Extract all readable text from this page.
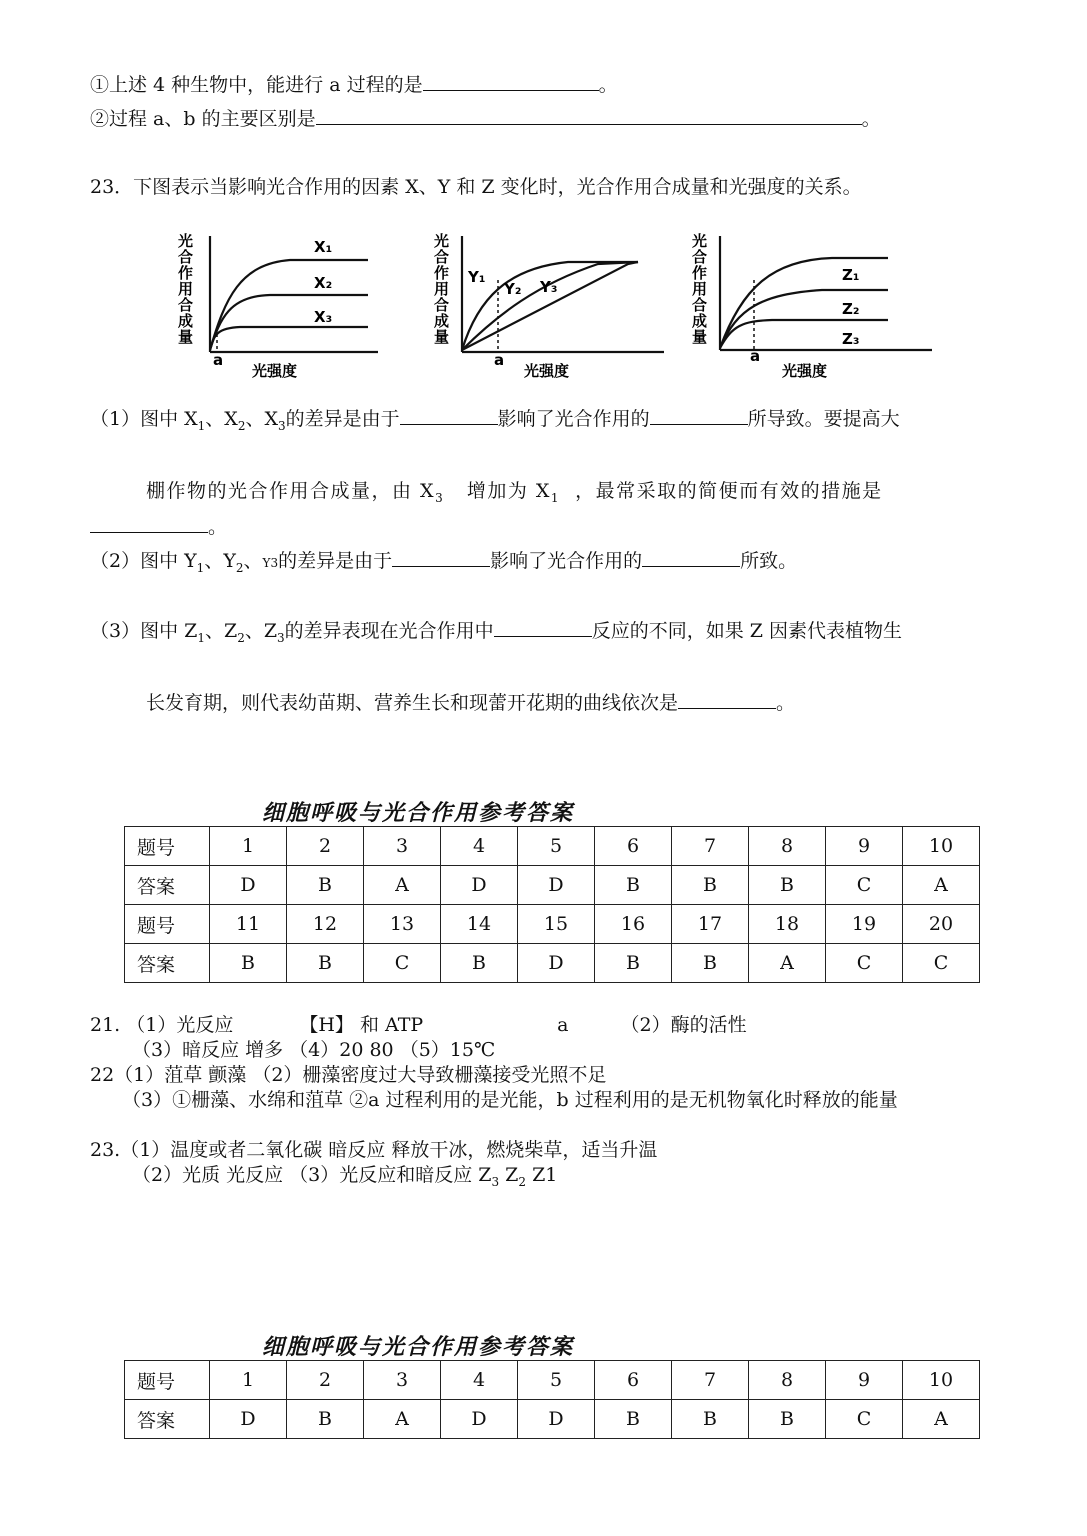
①上述 4 种生物中，能进行 a 过程的是	。
②过程 a、b 的主要区别是	。
23．下图表示当影响光合作用的因素 X、Y 和 Z 变化时，光合作用合成量和光强度的关系。
光合作用合成量
a
X₁
X₂
X₃
光强度
光合作用合成量
a
Y₁
Y₂ Y₃
光强度
光合作用合成量
a
Z₁
Z₂
Z₃
光强度
（1）图中 $X_1$、$X_2$、$X_3$的差异是由于	影响了光合作用的	所导致。要提高大
棚作物的光合作用合成量，由 $X_3$ 增加为 $X_1$ ，最常采取的简便而有效的措施是
。
（2）图中 $Y_1$、$Y_2$、Y3的差异是由于	影响了光合作用的	所致。
（3）图中 $Z_1$、$Z_2$、$Z_3$的差异表现在光合作用中	反应的不同，如果 Z 因素代表植物生
长发育期，则代表幼苗期、营养生长和现蕾开花期的曲线依次是	。
细胞呼吸与光合作用参考答案
题号	1	2	3	4	5	6	7	8	9	10
答案	D	B	A	D	D	B	B	B	C	A
题号	11	12	13	14	15	16	17	18	19	20
答案	B	B	C	B	D	B	B	A	C	C
21. （1）光反应	【H】 和 ATP	a	（2）酶的活性
（3）暗反应 增多 （4）20 80 （5）15℃
22（1）菹草 颤藻 （2）栅藻密度过大导致栅藻接受光照不足
（3）①栅藻、水绵和菹草 ②a 过程利用的是光能，b 过程利用的是无机物氧化时释放的能量
23.（1）温度或者二氧化碳 暗反应 释放干冰，燃烧柴草，适当升温
（2）光质 光反应 （3）光反应和暗反应 $Z_3$ $Z_2$ Z1
细胞呼吸与光合作用参考答案
题号	1	2	3	4	5	6	7	8	9	10
答案	D	B	A	D	D	B	B	B	C	A
